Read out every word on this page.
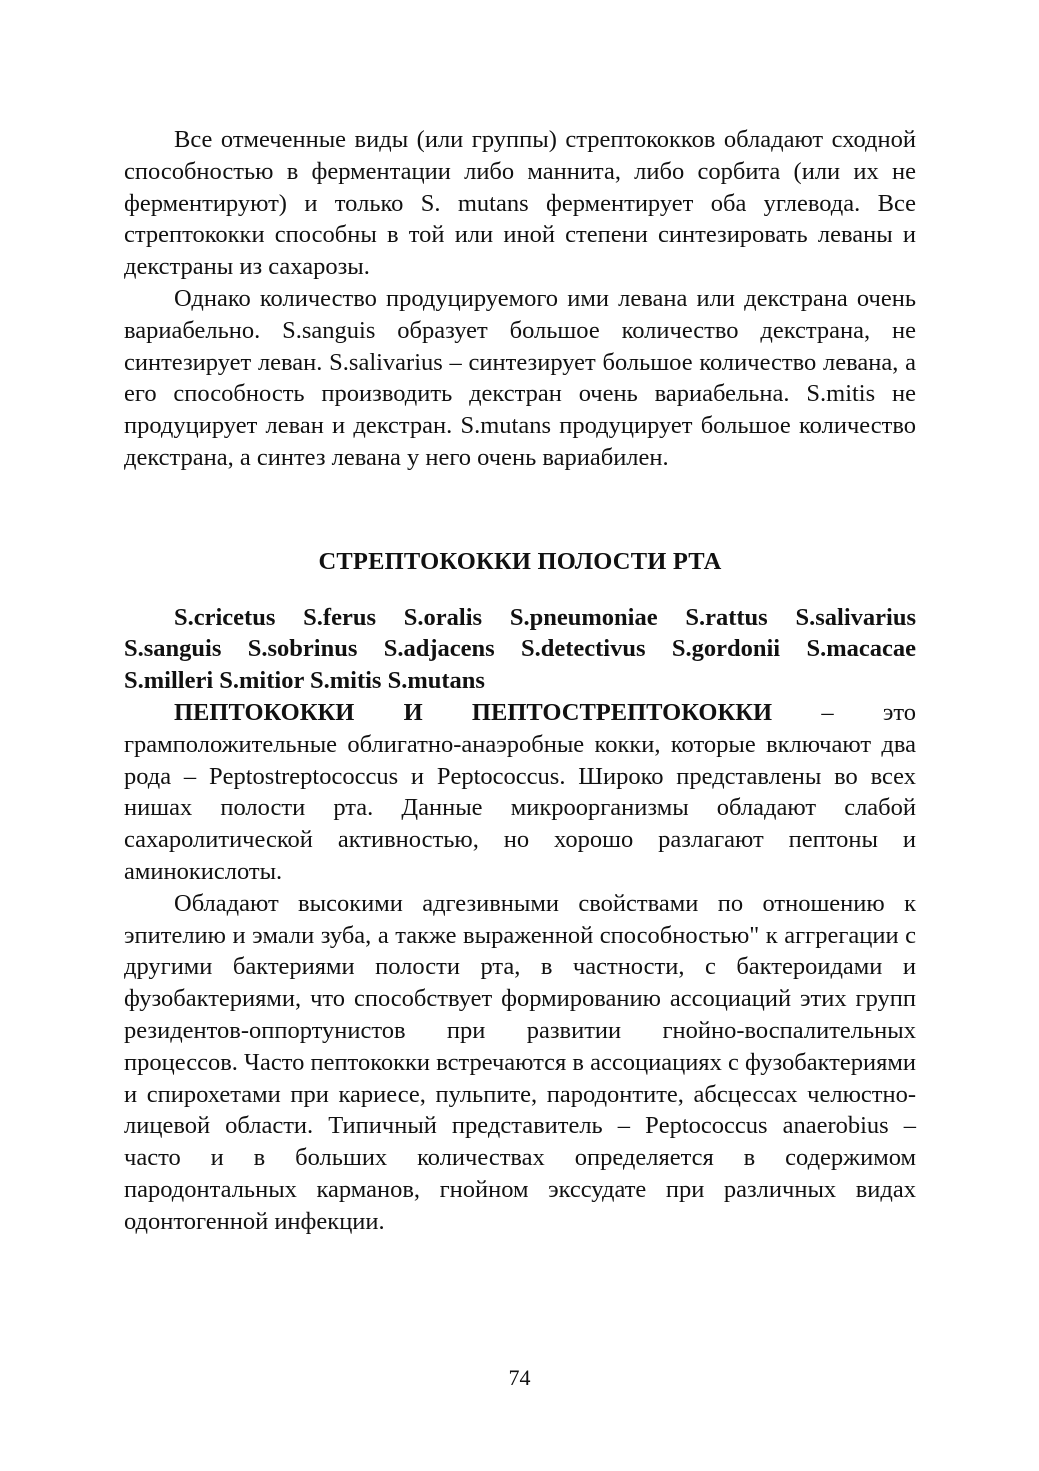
Все отмеченные виды (или группы) стрептококков обладают сходной способностью в ферментации либо маннита, либо сорбита (или их не ферментируют) и только S. mutans ферментирует оба углевода. Все стрептококки способны в той или иной степени синтезировать леваны и декстраны из сахарозы.

Однако количество продуцируемого ими левана или декстрана очень вариабельно. S.sanguis образует большое количество декстрана, не синтезирует леван. S.salivarius – синтезирует большое количество левана, а его способность производить декстран очень вариабельна. S.mitis не продуцирует леван и декстран. S.mutans продуцирует большое количество декстрана, а синтез левана у него очень вариабилен.

СТРЕПТОКОККИ ПОЛОСТИ РТА
S.cricetus S.ferus S.oralis S.pneumoniae S.rattus S.salivarius
S.sanguis S.sobrinus S.adjacens S.detectivus S.gordonii S.macacae
S.milleri S.mitior S.mitis S.mutans

ПЕПТОКОККИ И ПЕПТОСТРЕПТОКОККИ – это грамположительные облигатно-анаэробные кокки, которые включают два рода – Peptostreptococcus и Peptococcus. Широко представлены во всех нишах полости рта. Данные микроорганизмы обладают слабой сахаролитической активностью, но хорошо разлагают пептоны и аминокислоты.

Обладают высокими адгезивными свойствами по отношению к эпителию и эмали зуба, а также выраженной способностью" к аггрегации с другими бактериями полости рта, в частности, с бактероидами и фузобактериями, что способствует формированию ассоциаций этих групп резидентов-оппортунистов при развитии гнойно-воспалительных процессов. Часто пептококки встречаются в ассоциациях с фузобактериями и спирохетами при кариесе, пульпите, пародонтите, абсцессах челюстно-лицевой области. Типичный представитель – Peptococcus anaerobius – часто и в больших количествах определяется в содержимом пародонтальных карманов, гнойном экссудате при различных видах одонтогенной инфекции.

74
